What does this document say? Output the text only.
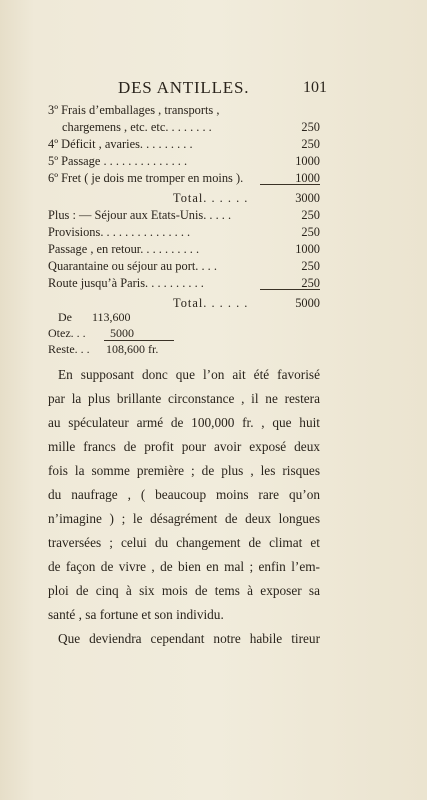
DES ANTILLES.	101
3º Frais d’emballages , transports ,
chargemens , etc. etc. . . . . . . .	250
4º Déficit , avaries. . . . . . . . .	250
5º Passage . . . . . . . . . . . . . .	1000
6º Fret ( je dois me tromper en moins ).	1000
Total. . . . . .	3000
Plus : — Séjour aux Etats-Unis. . . . .	250
Provisions. . . . . . . . . . . . . . .	250
Passage , en retour. . . . . . . . . .	1000
Quarantaine ou séjour au port. . . .	250
Route jusqu’à Paris. . . . . . . . . .	250
Total. . . . . .	5000
De 113,600
Otez. . . 5000
Reste. . . 108,600 fr.
En supposant donc que l’on ait été favorisé
par la plus brillante circonstance , il ne restera
au spéculateur armé de 100,000 fr. , que huit
mille francs de profit pour avoir exposé deux
fois la somme première ; de plus , les risques
du naufrage , ( beaucoup moins rare qu’on
n’imagine ) ; le désagrément de deux longues
traversées ; celui du changement de climat et
de façon de vivre , de bien en mal ; enfin l’em-
ploi de cinq à six mois de tems à exposer sa
santé , sa fortune et son individu.
Que deviendra cependant notre habile tireur
